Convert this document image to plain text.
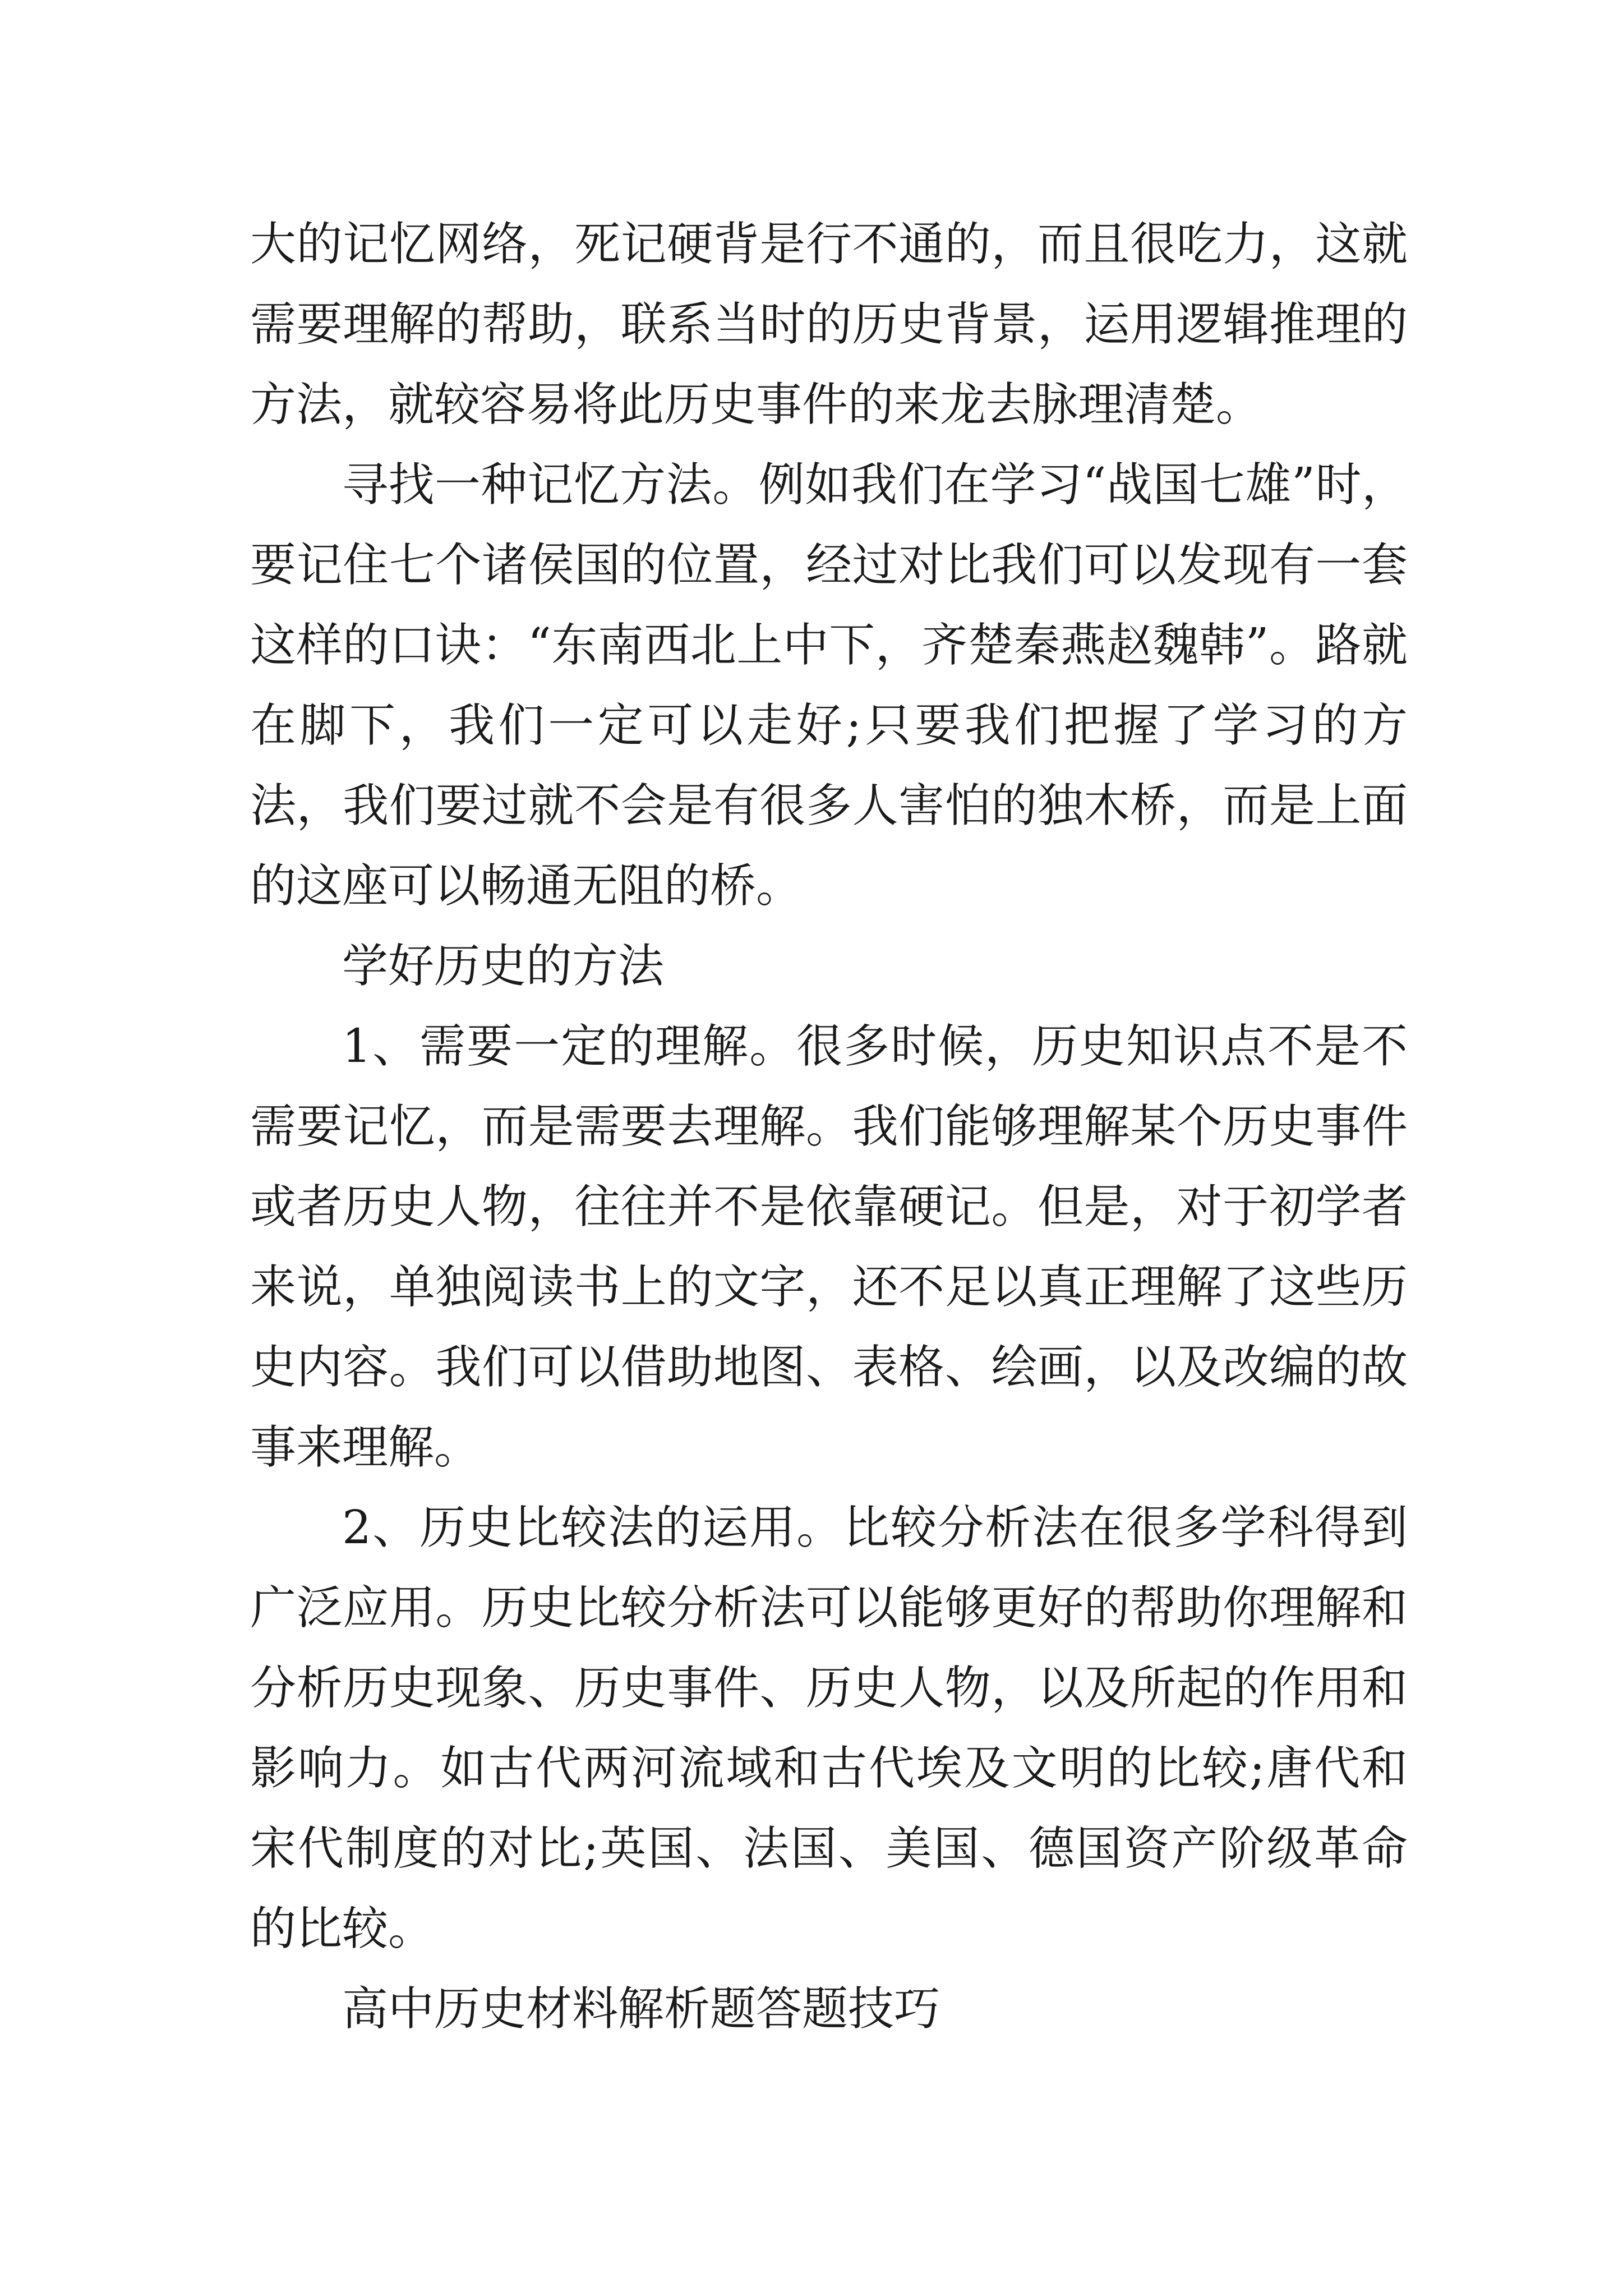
大的记忆网络，死记硬背是行不通的，而且很吃力，这就需要理解的帮助，联系当时的历史背景，运用逻辑推理的方法，就较容易将此历史事件的来龙去脉理清楚。

寻找一种记忆方法。例如我们在学习“战国七雄”时，要记住七个诸侯国的位置，经过对比我们可以发现有一套这样的口诀：“东南西北上中下，齐楚秦燕赵魏韩”。路就在脚下，我们一定可以走好;只要我们把握了学习的方法，我们要过就不会是有很多人害怕的独木桥，而是上面的这座可以畅通无阻的桥。

学好历史的方法

1、需要一定的理解。很多时候，历史知识点不是不需要记忆，而是需要去理解。我们能够理解某个历史事件或者历史人物，往往并不是依靠硬记。但是，对于初学者来说，单独阅读书上的文字，还不足以真正理解了这些历史内容。我们可以借助地图、表格、绘画，以及改编的故事来理解。

2、历史比较法的运用。比较分析法在很多学科得到广泛应用。历史比较分析法可以能够更好的帮助你理解和分析历史现象、历史事件、历史人物，以及所起的作用和影响力。如古代两河流域和古代埃及文明的比较;唐代和宋代制度的对比;英国、法国、美国、德国资产阶级革命的比较。

高中历史材料解析题答题技巧
